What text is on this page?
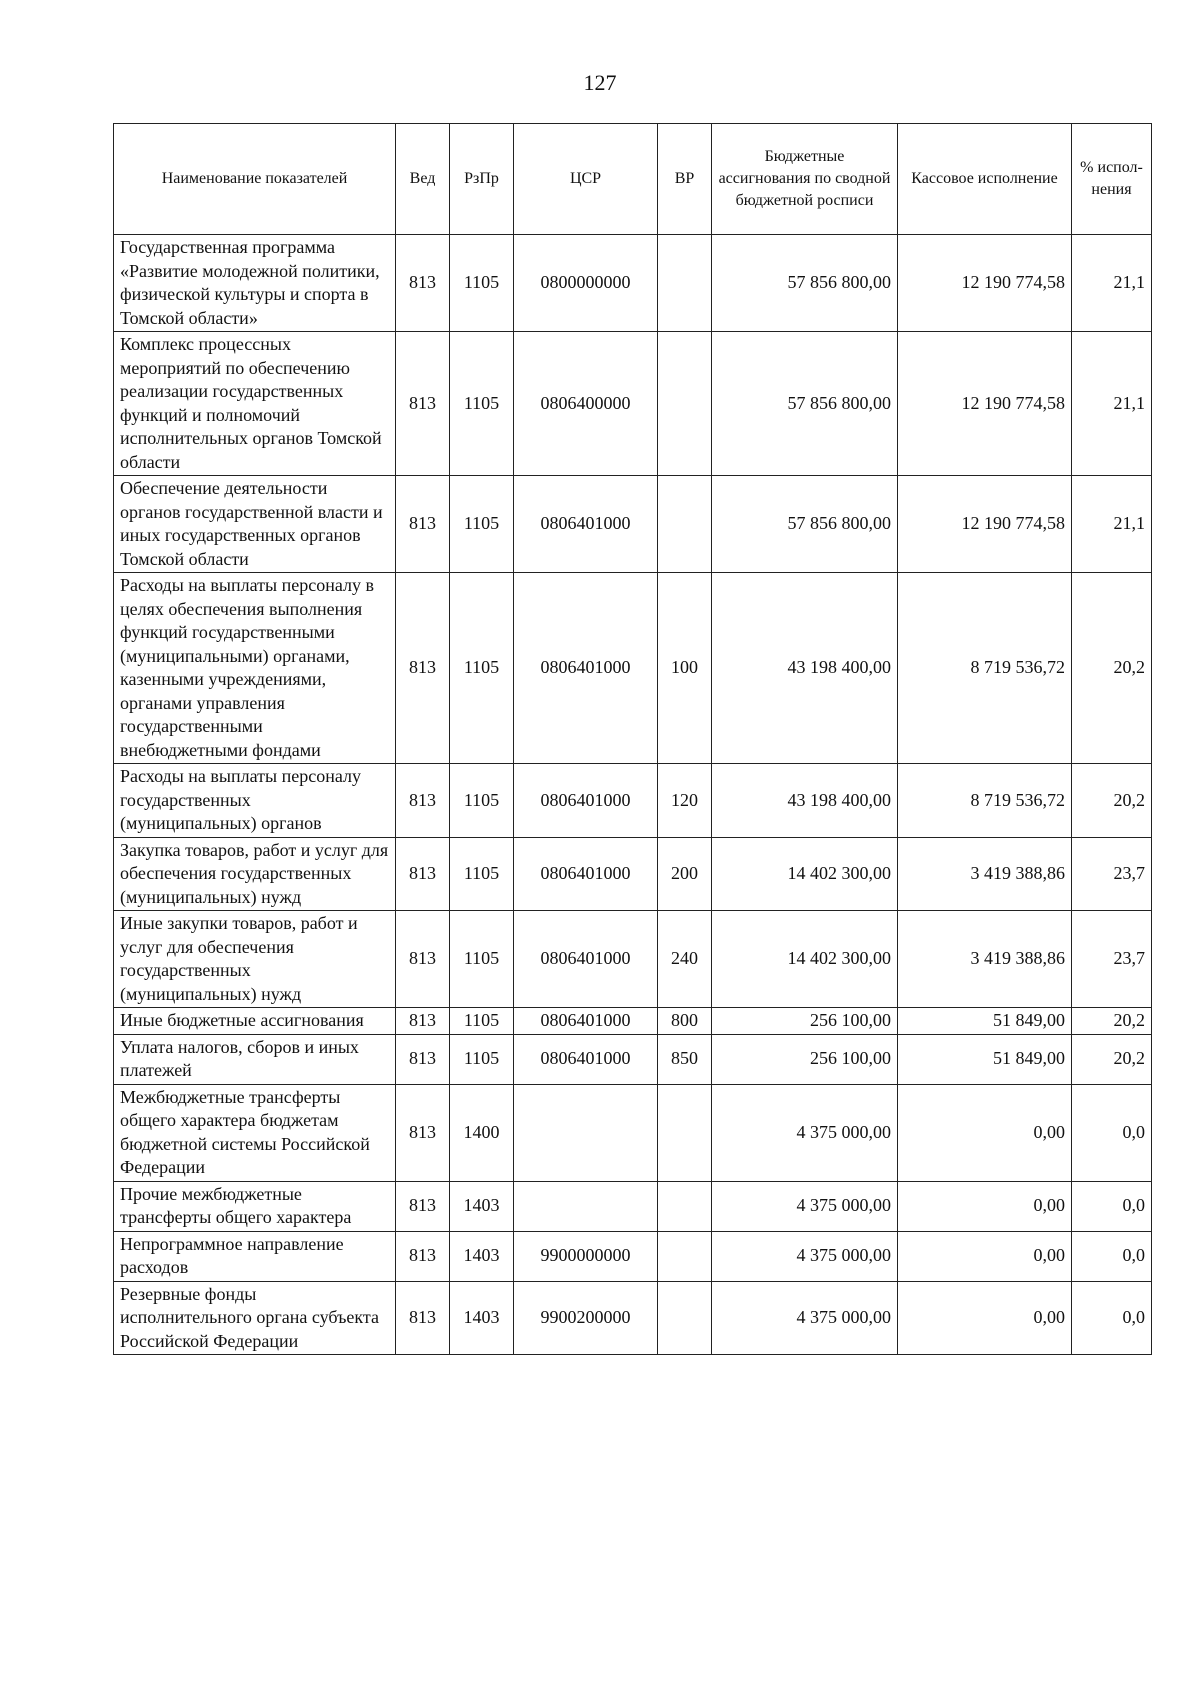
127
Наименование показателей	Вед	РзПр	ЦСР	ВР	Бюджетные ассигнования по сводной бюджетной росписи	Кассовое исполнение	% испол-нения
Государственная программа «Развитие молодежной политики, физической культуры и спорта в Томской области»	813	1105	0800000000		57 856 800,00	12 190 774,58	21,1
Комплекс процессных мероприятий по обеспечению реализации государственных функций и полномочий исполнительных органов Томской области	813	1105	0806400000		57 856 800,00	12 190 774,58	21,1
Обеспечение деятельности органов государственной власти и иных государственных органов Томской области	813	1105	0806401000		57 856 800,00	12 190 774,58	21,1
Расходы на выплаты персоналу в целях обеспечения выполнения функций государственными (муниципальными) органами, казенными учреждениями, органами управления государственными внебюджетными фондами	813	1105	0806401000	100	43 198 400,00	8 719 536,72	20,2
Расходы на выплаты персоналу государственных (муниципальных) органов	813	1105	0806401000	120	43 198 400,00	8 719 536,72	20,2
Закупка товаров, работ и услуг для обеспечения государственных (муниципальных) нужд	813	1105	0806401000	200	14 402 300,00	3 419 388,86	23,7
Иные закупки товаров, работ и услуг для обеспечения государственных (муниципальных) нужд	813	1105	0806401000	240	14 402 300,00	3 419 388,86	23,7
Иные бюджетные ассигнования	813	1105	0806401000	800	256 100,00	51 849,00	20,2
Уплата налогов, сборов и иных платежей	813	1105	0806401000	850	256 100,00	51 849,00	20,2
Межбюджетные трансферты общего характера бюджетам бюджетной системы Российской Федерации	813	1400			4 375 000,00	0,00	0,0
Прочие межбюджетные трансферты общего характера	813	1403			4 375 000,00	0,00	0,0
Непрограммное направление расходов	813	1403	9900000000		4 375 000,00	0,00	0,0
Резервные фонды исполнительного органа субъекта Российской Федерации	813	1403	9900200000		4 375 000,00	0,00	0,0
